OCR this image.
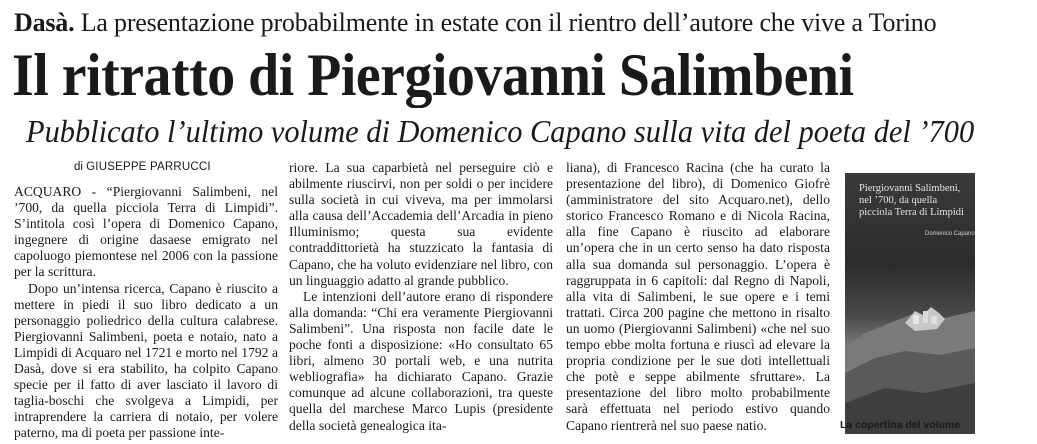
Dasà. La presentazione probabilmente in estate con il rientro dell’autore che vive a Torino
Il ritratto di Piergiovanni Salimbeni
Pubblicato l’ultimo volume di Domenico Capano sulla vita del poeta del ’700
di GIUSEPPE PARRUCCI

ACQUARO - “Piergiovanni Salimbeni, nel ’700, da quella picciola Terra di Limpidi”. S’intitola così l’opera di Domenico Capano, ingegnere di origine dasaese emigrato nel capoluogo piemontese nel 2006 con la passione per la scrittura.

Dopo un’intensa ricerca, Capano è riuscito a mettere in piedi il suo libro dedicato a un personaggio poliedrico della cultura calabrese. Piergiovanni Salimbeni, poeta e notaio, nato a Limpidi di Acquaro nel 1721 e morto nel 1792 a Dasà, dove si era stabilito, ha colpito Capano specie per il fatto di aver lasciato il lavoro di taglia-boschi che svolgeva a Limpidi, per intraprendere la carriera di notaio, per volere paterno, ma di poeta per passione inte-

riore. La sua caparbietà nel perseguire ciò e abilmente riuscirvi, non per soldi o per incidere sulla società in cui viveva, ma per immolarsi alla causa dell’Accademia dell’Arcadia in pieno Illuminismo; questa sua evidente contraddittorietà ha stuzzicato la fantasia di Capano, che ha voluto evidenziare nel libro, con un linguaggio adatto al grande pubblico.

Le intenzioni dell’autore erano di rispondere alla domanda: “Chi era veramente Piergiovanni Salimbeni”. Una risposta non facile date le poche fonti a disposizione: «Ho consultato 65 libri, almeno 30 portali web, e una nutrita webliografia» ha dichiarato Capano. Grazie comunque ad alcune collaborazioni, tra queste quella del marchese Marco Lupis (presidente della società genealogica ita-

liana), di Francesco Racina (che ha curato la presentazione del libro), di Domenico Giofrè (amministratore del sito Acquaro.net), dello storico Francesco Romano e di Nicola Racina, alla fine Capano è riuscito ad elaborare un’opera che in un certo senso ha dato risposta alla sua domanda sul personaggio. L’opera è raggruppata in 6 capitoli: dal Regno di Napoli, alla vita di Salimbeni, le sue opere e i temi trattati. Circa 200 pagine che mettono in risalto un uomo (Piergiovanni Salimbeni) «che nel suo tempo ebbe molta fortuna e riuscì ad elevare la propria condizione per le sue doti intellettuali che potè e seppe abilmente sfruttare». La presentazione del libro molto probabilmente sarà effettuata nel periodo estivo quando Capano rientrerà nel suo paese natio.

Piergiovanni Salimbeni, nel ’700, da quella picciola Terra di Limpidi
Domenico Capano
La copertina del volume
